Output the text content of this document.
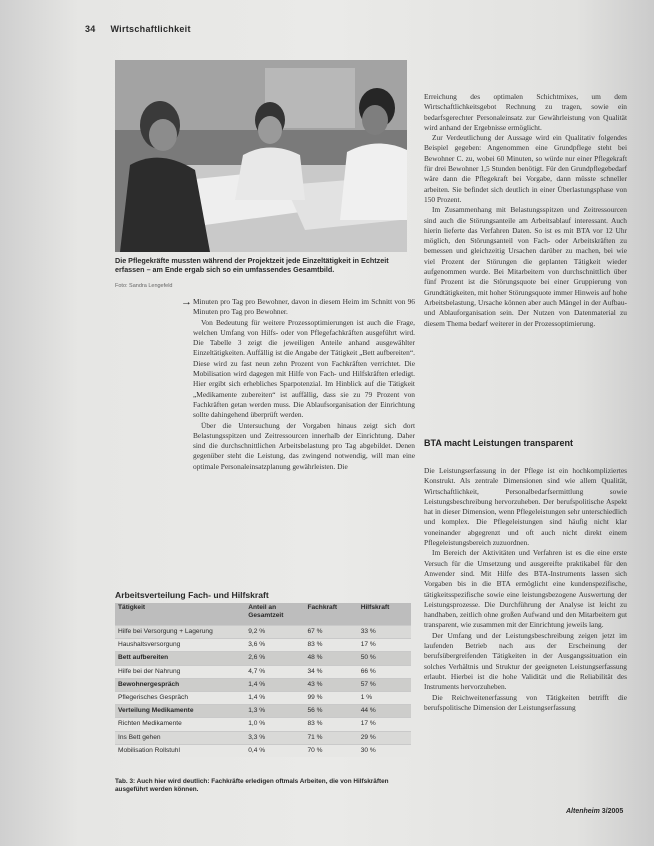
34 Wirtschaftlichkeit
Die Pflegekräfte mussten während der Projektzeit jede Einzeltätigkeit in Echtzeit erfassen – am Ende ergab sich so ein umfassendes Gesamtbild.
Foto: Sandra Lengefeld
→ Minuten pro Tag pro Bewohner, davon in diesem Heim im Schnitt von 96 Minuten pro Tag pro Bewohner.

Von Bedeutung für weitere Prozessoptimierungen ist auch die Frage, welchen Umfang von Hilfs- oder von Pflegefachkräften ausgeführt wird. Die Tabelle 3 zeigt die jeweiligen Anteile anhand ausgewählter Einzeltätigkeiten. Auffällig ist die Angabe der Tätigkeit „Bett aufbereiten“. Diese wird zu fast neun zehn Prozent von Fachkräften verrichtet. Die Mobilisation wird dagegen mit Hilfe von Fach- und Hilfskräften erledigt. Hier ergibt sich erhebliches Sparpotenzial. Im Hinblick auf die Tätigkeit „Medikamente zubereiten“ ist auffällig, dass sie zu 79 Prozent von Fachkräften getan werden muss. Die Ablaufsorganisation der Einrichtung sollte dahingehend überprüft werden.

Über die Untersuchung der Vorgaben hinaus zeigt sich dort Belastungsspitzen und Zeitressourcen innerhalb der Einrichtung. Daher sind die durchschnittlichen Arbeitsbelastung pro Tag abgebildet. Denen gegenüber steht die Leistung, das zwingend notwendig, will man eine optimale Personaleinsatzplanung gewährleisten. Die

Erreichung des optimalen Schichtmixes, um dem Wirtschaftlichkeitsgebot Rechnung zu tragen, sowie ein bedarfsgerechter Personaleinsatz zur Gewährleistung von Qualität wird anhand der Ergebnisse ermöglicht.

Zur Verdeutlichung der Aussage wird ein Qualitativ folgendes Beispiel gegeben: Angenommen eine Grundpflege steht bei Bewohner C. zu, wobei 60 Minuten, so würde nur einer Pflegekraft für drei Bewohner 1,5 Stunden benötigt. Für den Grundpflegebedarf wäre dann die Pflegekraft bei Vorgabe, dann müsste schneller arbeiten. Sie befindet sich deutlich in einer Überlastungsphase von 150 Prozent.

Im Zusammenhang mit Belastungsspitzen und Zeitressourcen sind auch die Störungsanteile am Arbeitsablauf interessant. Auch hierin lieferte das Verfahren Daten. So ist es mit BTA vor 12 Uhr möglich, den Störungsanteil von Fach- oder Arbeitskräften zu bemessen und gleichzeitig Ursachen darüber zu machen, bei wie viel Prozent der Störungen die geplanten Tätigkeit wieder aufgenommen wurde. Bei Mitarbeitern von durchschnittlich über fünf Prozent ist die Störungsquote bei einer Gruppierung von Grundtätigkeiten, mit hoher Störungsquote immer Hinweis auf hohe Arbeitsbelastung, Ursache können aber auch Mängel in der Aufbau- und Ablauforganisation sein. Der Nutzen von Datenmaterial zu diesem Thema bedarf weiterer in der Prozessoptimierung.

BTA macht Leistungen transparent

Die Leistungserfassung in der Pflege ist ein hochkompliziertes Konstrukt. Als zentrale Dimensionen sind wie allem Qualität, Wirtschaftlichkeit, Personalbedarfsermittlung sowie Leistungsbeschreibung hervorzuheben. Der berufspolitische Aspekt hat in dieser Dimension, wenn Pflegeleistungen sehr unterschiedlich und komplex. Die Pflegeleistungen sind häufig nicht klar voneinander abgegrenzt und oft auch nicht direkt einem Pflegeleistungsbereich zuzuordnen.

Im Bereich der Aktivitäten und Verfahren ist es die eine erste Versuch für die Umsetzung und ausgereifte praktikabel für den Anwender sind. Mit Hilfe des BTA-Instruments lassen sich Vorgaben bis in die BTA ermöglicht eine kundenspezifische, tätigkeitsspezifische sowie eine leistungsbezogene Auswertung der Leistungsprozesse. Die Durchführung der Analyse ist leicht zu handhaben, zeitlich ohne großen Aufwand und den Mitarbeitern gut transparent, wie zusammen mit der Einrichtung jeweils lang.

Der Umfang und der Leistungsbeschreibung zeigen jetzt im laufenden Betrieb nach aus der Erscheinung der berufsübergreifenden Tätigkeiten in der Ausgangssituation ein solches Verhältnis und Struktur der geeigneten Leistungserfassung erlaubt. Hierbei ist die hohe Validität und die Reliabilität des Instruments hervorzuheben.

Die Reichweitenerfassung von Tätigkeiten betrifft die berufspolitische Dimension der Leistungserfassung

Arbeitsverteilung Fach- und Hilfskraft
Tätigkeit	Anteil an Gesamtzeit	Fachkraft	Hilfskraft
Hilfe bei Versorgung + Lagerung	9,2 %	67 %	33 %
Haushaltsversorgung	3,6 %	83 %	17 %
Bett aufbereiten	2,6 %	48 %	50 %
Hilfe bei der Nahrung	4,7 %	34 %	66 %
Bewohnergespräch	1,4 %	43 %	57 %
Pflegerisches Gespräch	1,4 %	99 %	1 %
Verteilung Medikamente	1,3 %	56 %	44 %
Richten Medikamente	1,0 %	83 %	17 %
Ins Bett gehen	3,3 %	71 %	29 %
Mobilisation Rollstuhl	0,4 %	70 %	30 %
Tab. 3: Auch hier wird deutlich: Fachkräfte erledigen oftmals Arbeiten, die von Hilfskräften ausgeführt werden können.
Altenheim 3/2005
